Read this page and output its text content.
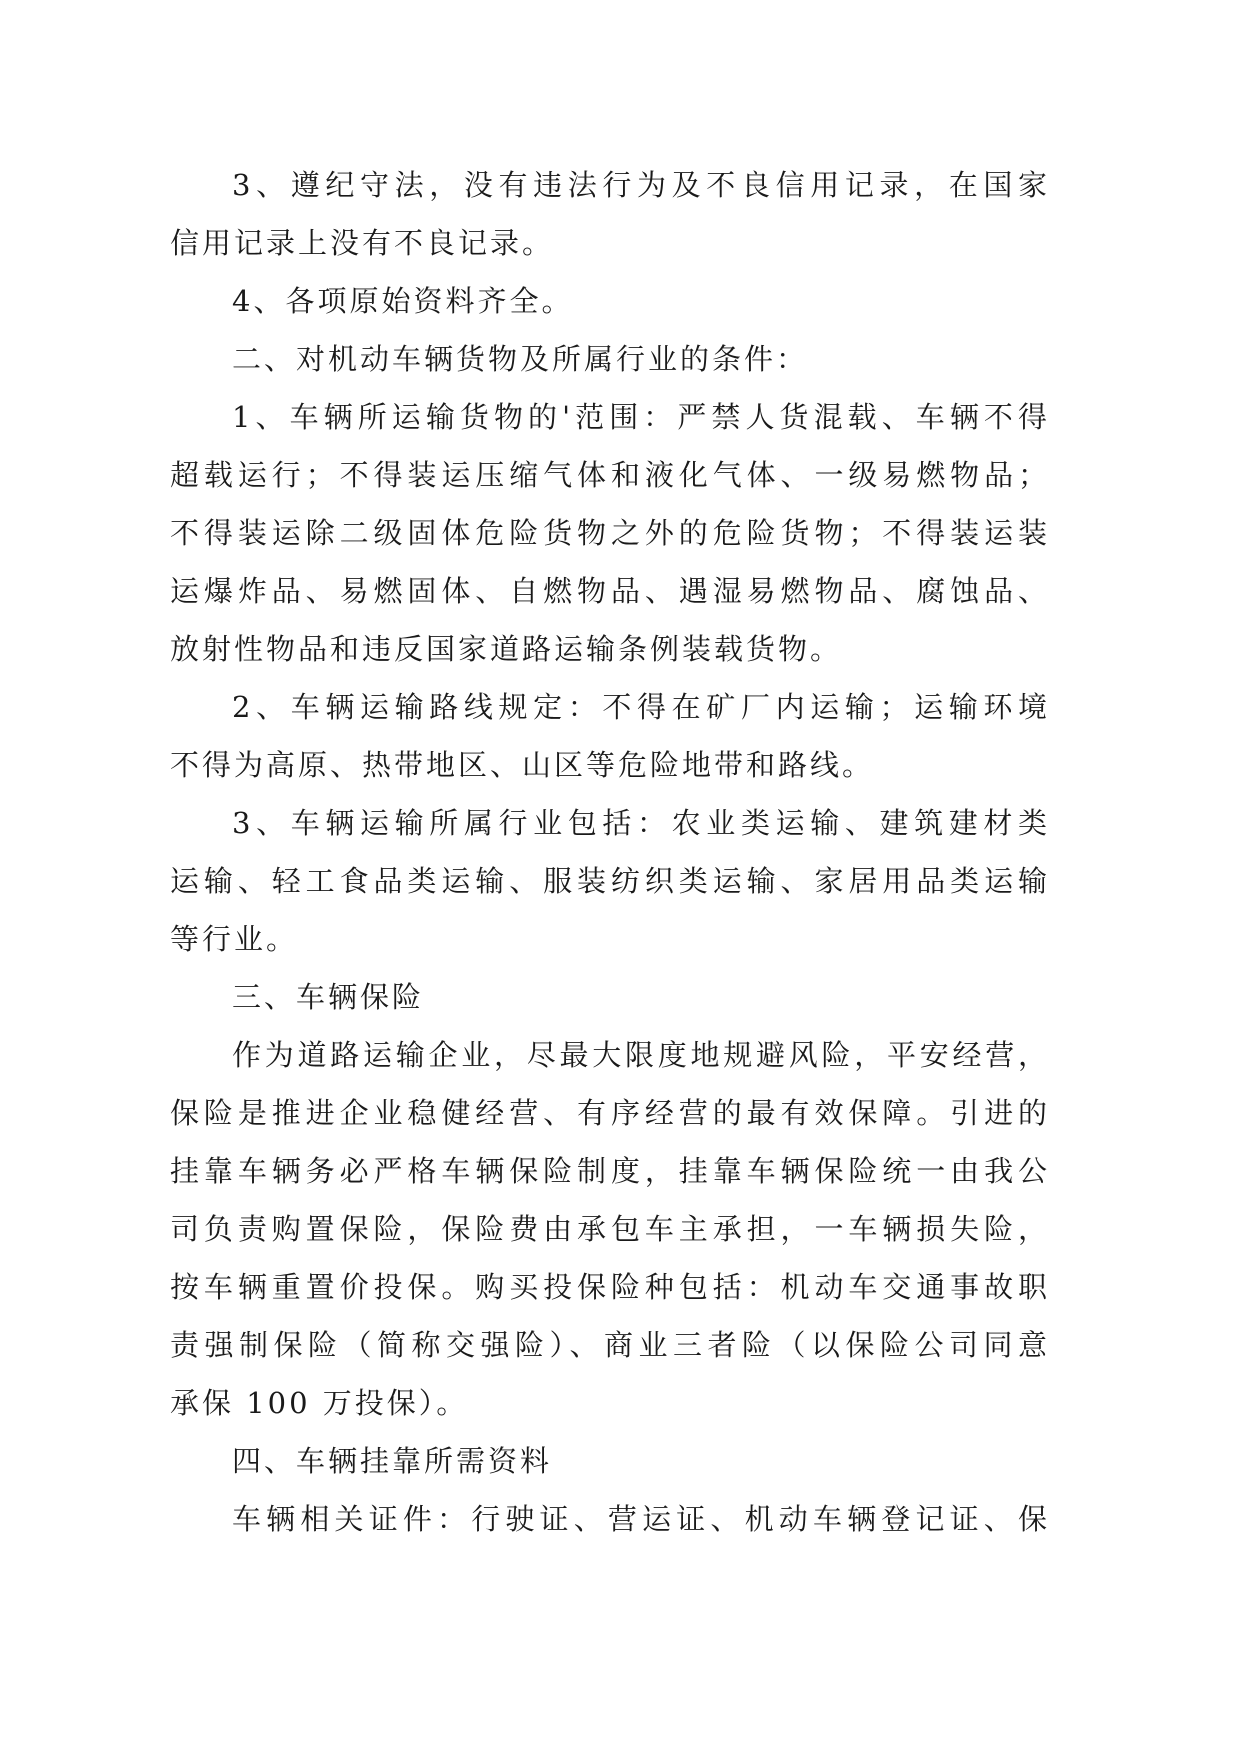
3、遵纪守法，没有违法行为及不良信用记录，在国家
信用记录上没有不良记录。
4、各项原始资料齐全。
二、对机动车辆货物及所属行业的条件：
1、车辆所运输货物的'范围：严禁人货混载、车辆不得
超载运行；不得装运压缩气体和液化气体、一级易燃物品；
不得装运除二级固体危险货物之外的危险货物；不得装运装
运爆炸品、易燃固体、自燃物品、遇湿易燃物品、腐蚀品、
放射性物品和违反国家道路运输条例装载货物。
2、车辆运输路线规定：不得在矿厂内运输；运输环境
不得为高原、热带地区、山区等危险地带和路线。
3、车辆运输所属行业包括：农业类运输、建筑建材类
运输、轻工食品类运输、服装纺织类运输、家居用品类运输
等行业。
三、车辆保险
作为道路运输企业，尽最大限度地规避风险，平安经营，
保险是推进企业稳健经营、有序经营的最有效保障。引进的
挂靠车辆务必严格车辆保险制度，挂靠车辆保险统一由我公
司负责购置保险，保险费由承包车主承担，一车辆损失险，
按车辆重置价投保。购买投保险种包括：机动车交通事故职
责强制保险（简称交强险）、商业三者险（以保险公司同意
承保 100 万投保）。
四、车辆挂靠所需资料
车辆相关证件：行驶证、营运证、机动车辆登记证、保
